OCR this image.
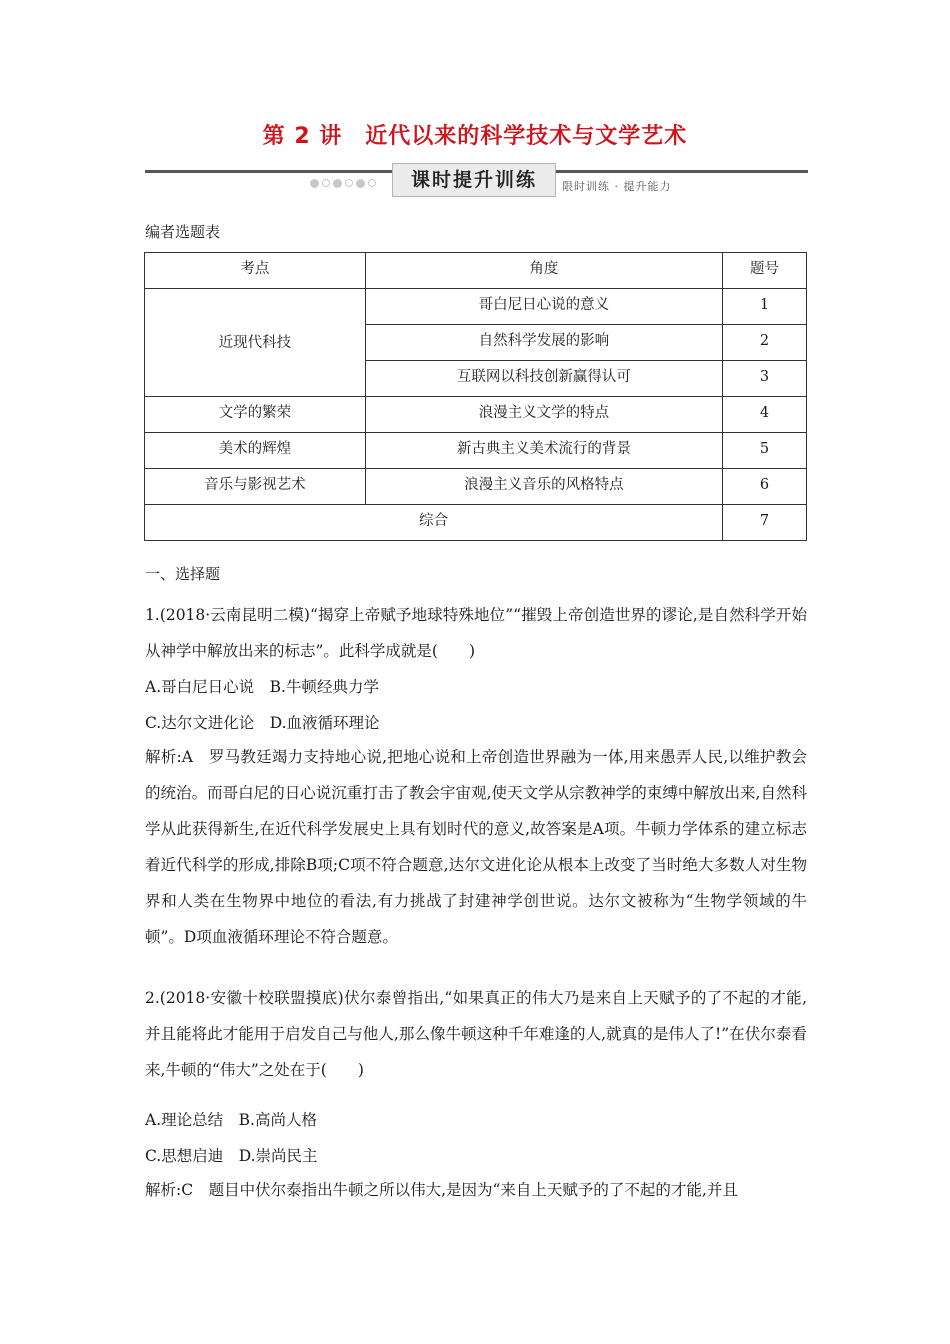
第 2 讲　近代以来的科学技术与文学艺术
课时提升训练	限时训练 · 提升能力
编者选题表
考点	角度	题号
近现代科技	哥白尼日心说的意义	1
	自然科学发展的影响	2
	互联网以科技创新赢得认可	3
文学的繁荣	浪漫主义文学的特点	4
美术的辉煌	新古典主义美术流行的背景	5
音乐与影视艺术	浪漫主义音乐的风格特点	6
综合		7
一、选择题
1.(2018·云南昆明二模)“揭穿上帝赋予地球特殊地位”“摧毁上帝创造世界的谬论,是自然科学开始从神学中解放出来的标志”。此科学成就是(　　)
A.哥白尼日心说　B.牛顿经典力学
C.达尔文进化论　D.血液循环理论
解析:A　罗马教廷竭力支持地心说,把地心说和上帝创造世界融为一体,用来愚弄人民,以维护教会的统治。而哥白尼的日心说沉重打击了教会宇宙观,使天文学从宗教神学的束缚中解放出来,自然科学从此获得新生,在近代科学发展史上具有划时代的意义,故答案是A项。牛顿力学体系的建立标志着近代科学的形成,排除B项;C项不符合题意,达尔文进化论从根本上改变了当时绝大多数人对生物界和人类在生物界中地位的看法,有力挑战了封建神学创世说。达尔文被称为“生物学领域的牛顿”。D项血液循环理论不符合题意。
2.(2018·安徽十校联盟摸底)伏尔泰曾指出,“如果真正的伟大乃是来自上天赋予的了不起的才能,并且能将此才能用于启发自己与他人,那么像牛顿这种千年难逢的人,就真的是伟人了!”在伏尔泰看来,牛顿的“伟大”之处在于(　　)
A.理论总结　B.高尚人格
C.思想启迪　D.崇尚民主
解析:C　题目中伏尔泰指出牛顿之所以伟大,是因为“来自上天赋予的了不起的才能,并且
